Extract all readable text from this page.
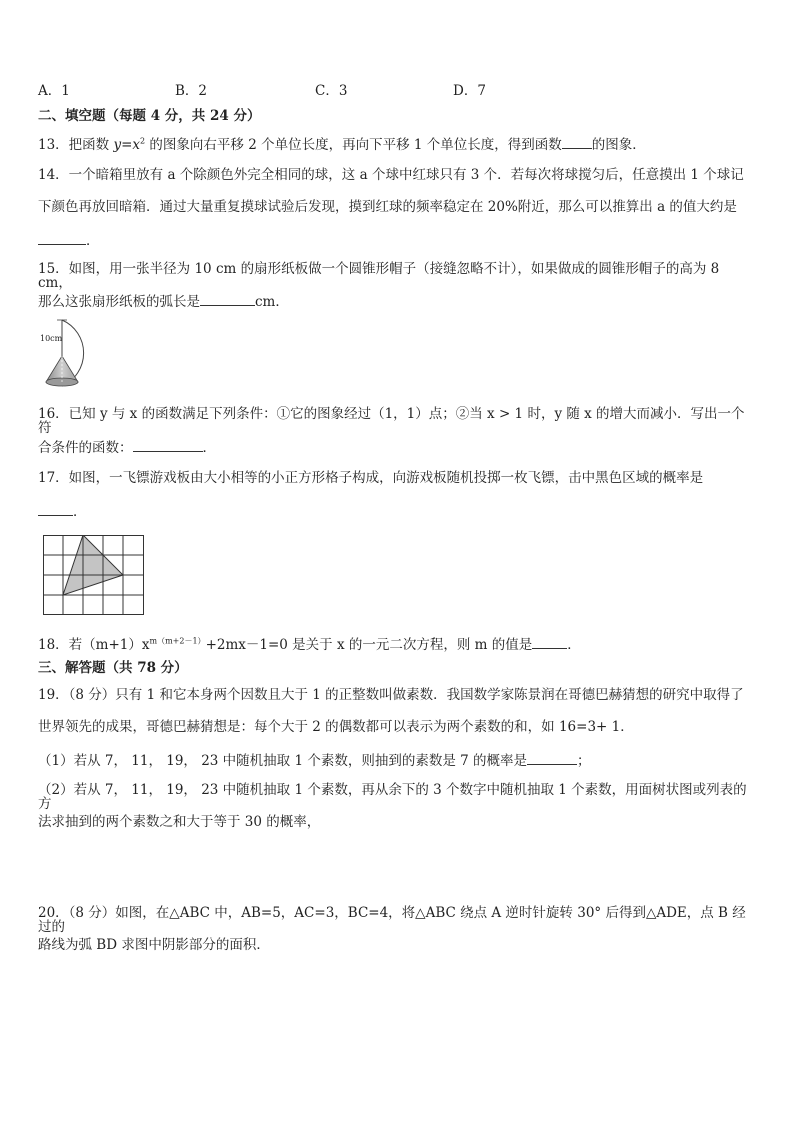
A．1	B．2	C．3	D．7
二、填空题（每题 4 分，共 24 分）
13．把函数 $y=x^2$ 的图象向右平移 2 个单位长度，再向下平移 1 个单位长度，得到函数 的图象．
14．一个暗箱里放有 a 个除颜色外完全相同的球，这 a 个球中红球只有 3 个．若每次将球搅匀后，任意摸出 1 个球记
下颜色再放回暗箱．通过大量重复摸球试验后发现，摸到红球的频率稳定在 20%附近，那么可以推算出 a 的值大约是
．
15．如图，用一张半径为 10 cm 的扇形纸板做一个圆锥形帽子（接缝忽略不计），如果做成的圆锥形帽子的高为 8 cm，
那么这张扇形纸板的弧长是	cm．
10cm
16．已知 y 与 x 的函数满足下列条件：①它的图象经过（1，1）点；②当 x > 1 时，y 随 x 的增大而减小．写出一个符
合条件的函数：	．
17．如图，一飞镖游戏板由大小相等的小正方形格子构成，向游戏板随机投掷一枚飞镖，击中黑色区域的概率是
．
18．若$(m+1)x^{m(m+2-1)}+2mx-1=0$ 是关于 x 的一元二次方程，则 m 的值是	．
三、解答题（共 78 分）
19．（8 分）只有 1 和它本身两个因数且大于 1 的正整数叫做素数．我国数学家陈景润在哥德巴赫猜想的研究中取得了
世界领先的成果，哥德巴赫猜想是：每个大于 2 的偶数都可以表示为两个素数的和，如 16=3+ 1．
（1）若从 7， 11， 19， 23 中随机抽取 1 个素数，则抽到的素数是 7 的概率是	；
（2）若从 7， 11， 19， 23 中随机抽取 1 个素数，再从余下的 3 个数字中随机抽取 1 个素数，用面树状图或列表的方
法求抽到的两个素数之和大于等于 30 的概率，
20．（8 分）如图，在△ABC 中，AB=5，AC=3，BC=4，将△ABC 绕点 A 逆时针旋转 30° 后得到△ADE，点 B 经过的
路线为弧 BD 求图中阴影部分的面积．
